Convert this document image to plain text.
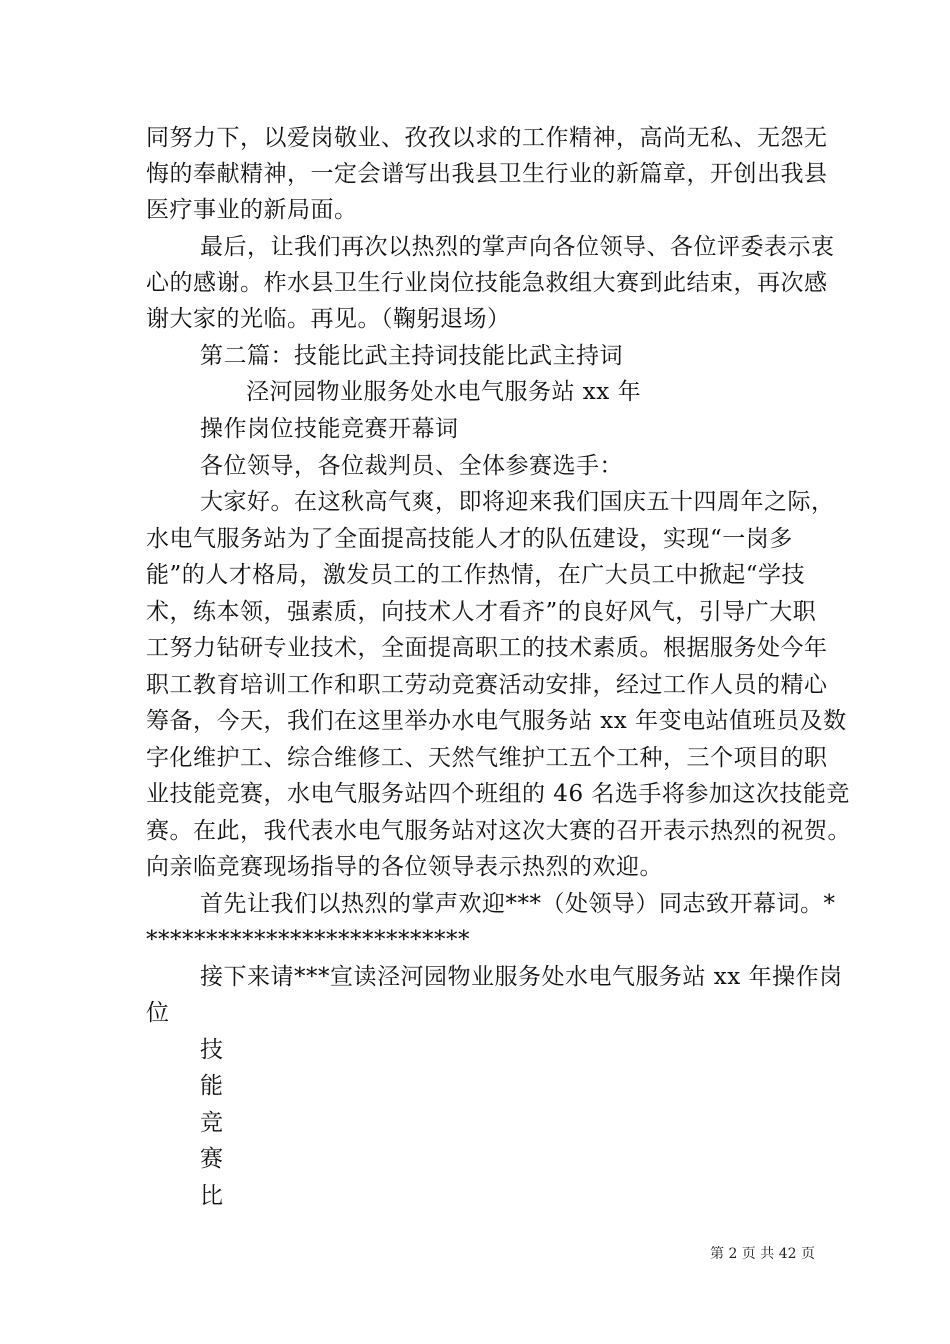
同努力下，以爱岗敬业、孜孜以求的工作精神，高尚无私、无怨无
悔的奉献精神，一定会谱写出我县卫生行业的新篇章，开创出我县
医疗事业的新局面。
最后，让我们再次以热烈的掌声向各位领导、各位评委表示衷
心的感谢。柞水县卫生行业岗位技能急救组大赛到此结束，再次感
谢大家的光临。再见。（鞠躬退场）
第二篇：技能比武主持词技能比武主持词
泾河园物业服务处水电气服务站 xx 年
操作岗位技能竞赛开幕词
各位领导，各位裁判员、全体参赛选手：
大家好。在这秋高气爽，即将迎来我们国庆五十四周年之际，
水电气服务站为了全面提高技能人才的队伍建设，实现“一岗多
能”的人才格局，激发员工的工作热情，在广大员工中掀起“学技
术，练本领，强素质，向技术人才看齐”的良好风气，引导广大职
工努力钻研专业技术，全面提高职工的技术素质。根据服务处今年
职工教育培训工作和职工劳动竞赛活动安排，经过工作人员的精心
筹备，今天，我们在这里举办水电气服务站 xx 年变电站值班员及数
字化维护工、综合维修工、天然气维护工五个工种，三个项目的职
业技能竞赛，水电气服务站四个班组的 46 名选手将参加这次技能竞
赛。在此，我代表水电气服务站对这次大赛的召开表示热烈的祝贺。
向亲临竞赛现场指导的各位领导表示热烈的欢迎。
首先让我们以热烈的掌声欢迎***（处领导）同志致开幕词。*
***************************
接下来请***宣读泾河园物业服务处水电气服务站 xx 年操作岗
位
技
能
竞
赛
比
第 2 页 共 42 页
